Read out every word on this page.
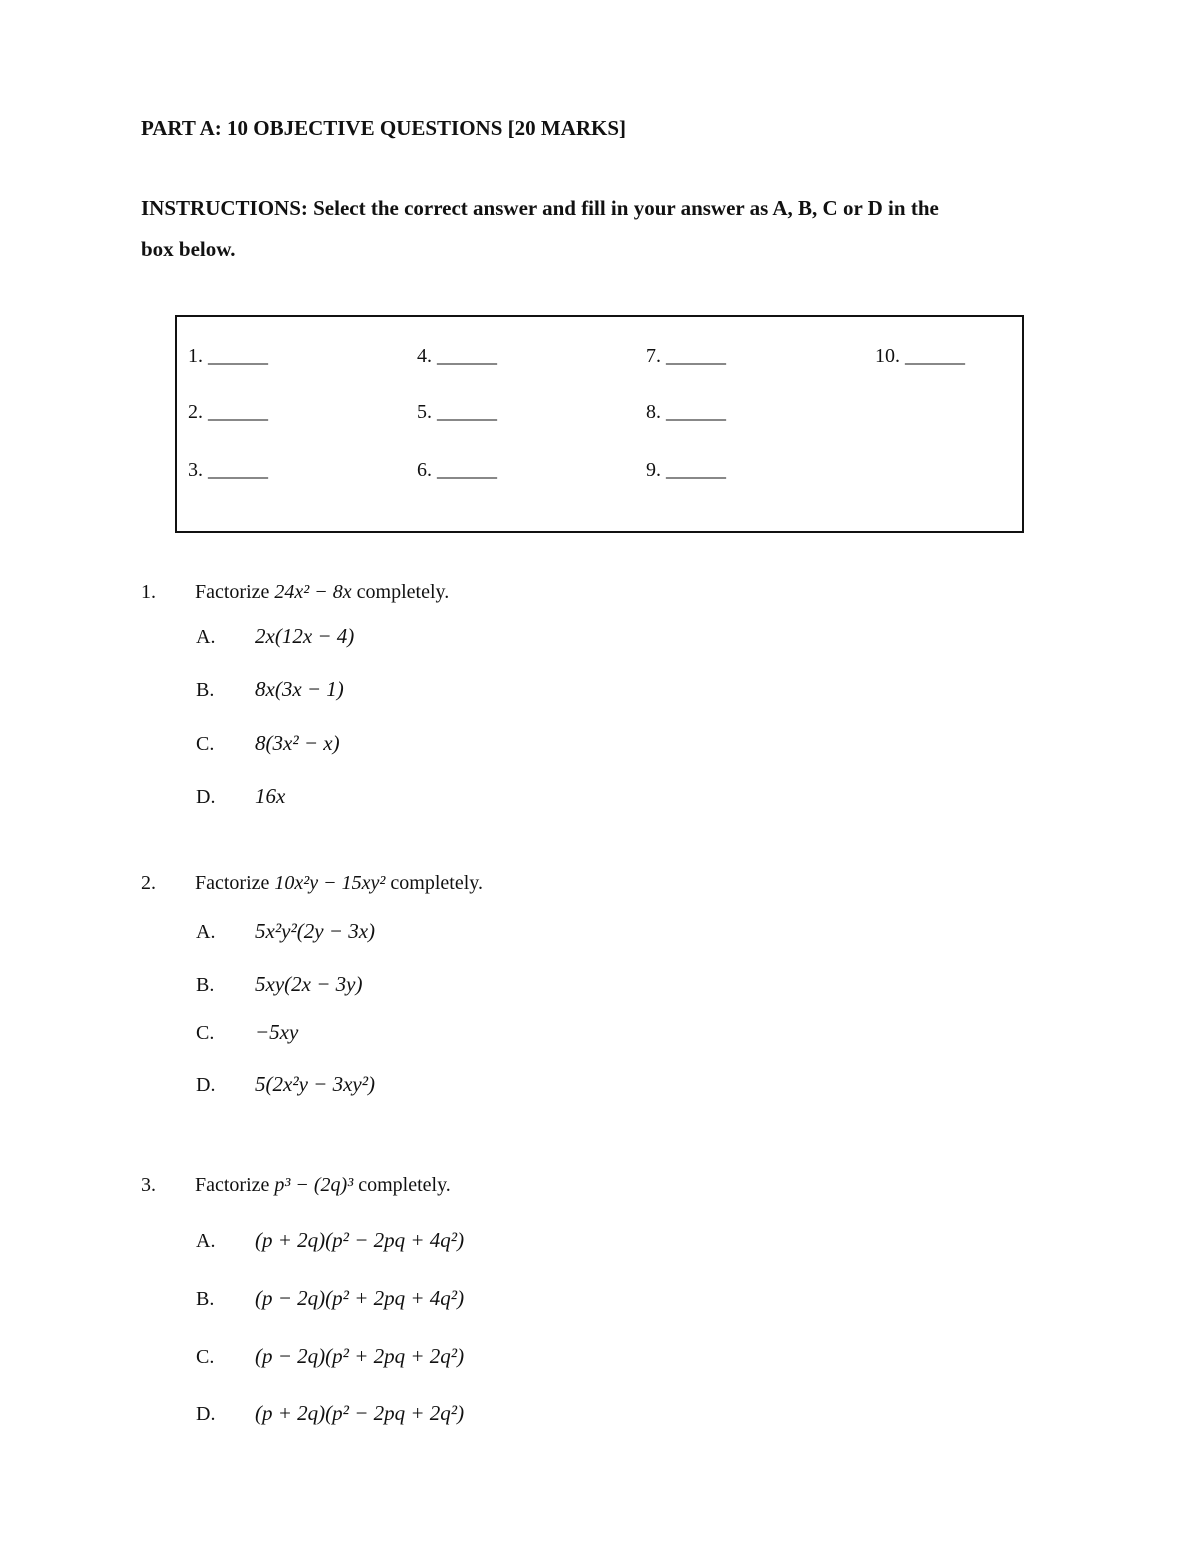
PART A: 10 OBJECTIVE QUESTIONS [20 MARKS]
INSTRUCTIONS: Select the correct answer and fill in your answer as A, B, C or D in the
box below.
1. ______
2. ______
3. ______
4. ______
5. ______
6. ______
7. ______
8. ______
9. ______
10. ______
1. Factorize 24x² − 8x completely.
A. 2x(12x − 4)
B. 8x(3x − 1)
C. 8(3x² − x)
D. 16x
2. Factorize 10x²y − 15xy² completely.
A. 5x²y²(2y − 3x)
B. 5xy(2x − 3y)
C. −5xy
D. 5(2x²y − 3xy²)
3. Factorize p³ − (2q)³ completely.
A. (p + 2q)(p² − 2pq + 4q²)
B. (p − 2q)(p² + 2pq + 4q²)
C. (p − 2q)(p² + 2pq + 2q²)
D. (p + 2q)(p² − 2pq + 2q²)
